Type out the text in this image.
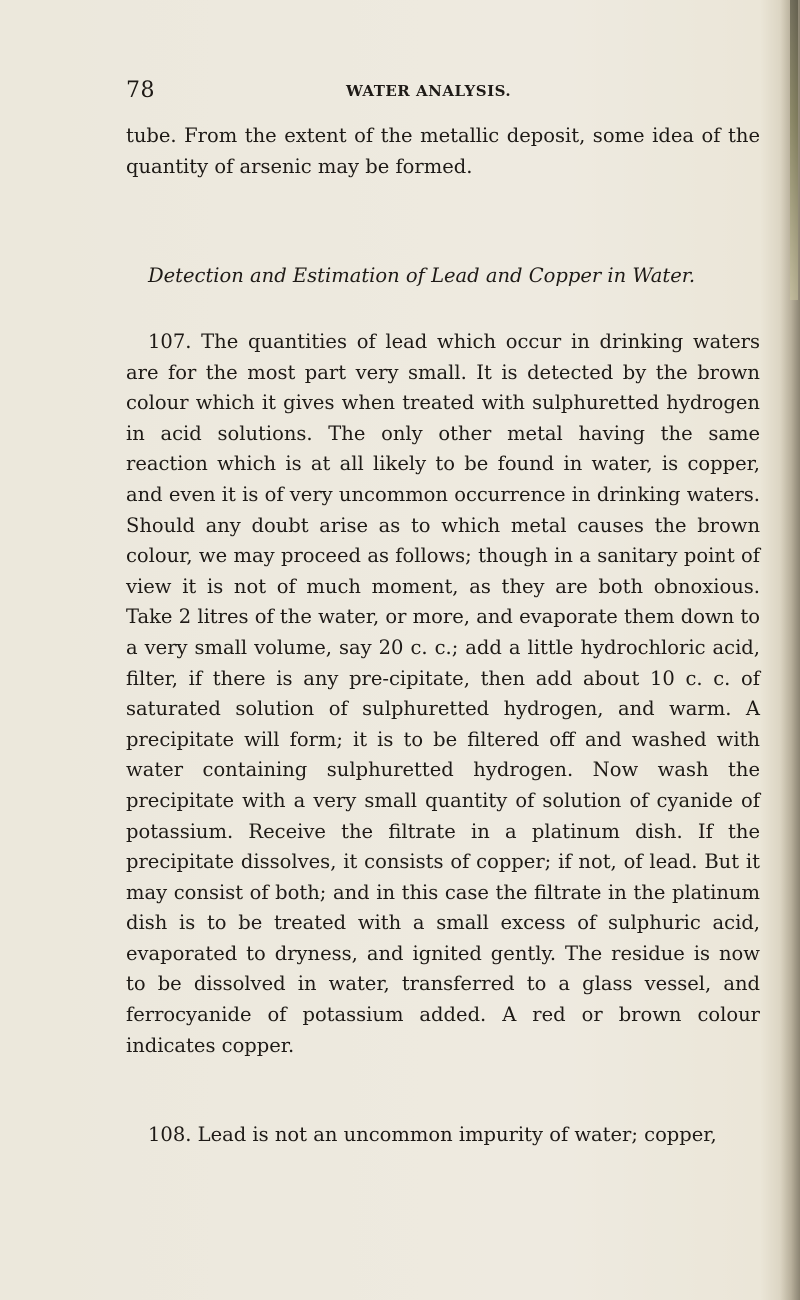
78	WATER ANALYSIS.
tube. From the extent of the metallic deposit, some idea of the quantity of arsenic may be formed.
Detection and Estimation of Lead and Copper in Water.
107. The quantities of lead which occur in drinking waters are for the most part very small. It is detected by the brown colour which it gives when treated with sulphuretted hydrogen in acid solutions. The only other metal having the same reaction which is at all likely to be found in water, is copper, and even it is of very uncommon occurrence in drinking waters. Should any doubt arise as to which metal causes the brown colour, we may proceed as follows; though in a sanitary point of view it is not of much moment, as they are both obnoxious. Take 2 litres of the water, or more, and evaporate them down to a very small volume, say 20 c. c.; add a little hydrochloric acid, filter, if there is any pre-cipitate, then add about 10 c. c. of saturated solution of sulphuretted hydrogen, and warm. A precipitate will form; it is to be filtered off and washed with water containing sulphuretted hydrogen. Now wash the precipitate with a very small quantity of solution of cyanide of potassium. Receive the filtrate in a platinum dish. If the precipitate dissolves, it consists of copper; if not, of lead. But it may consist of both; and in this case the filtrate in the platinum dish is to be treated with a small excess of sulphuric acid, evaporated to dryness, and ignited gently. The residue is now to be dissolved in water, transferred to a glass vessel, and ferrocyanide of potassium added. A red or brown colour indicates copper.
108. Lead is not an uncommon impurity of water; copper,
